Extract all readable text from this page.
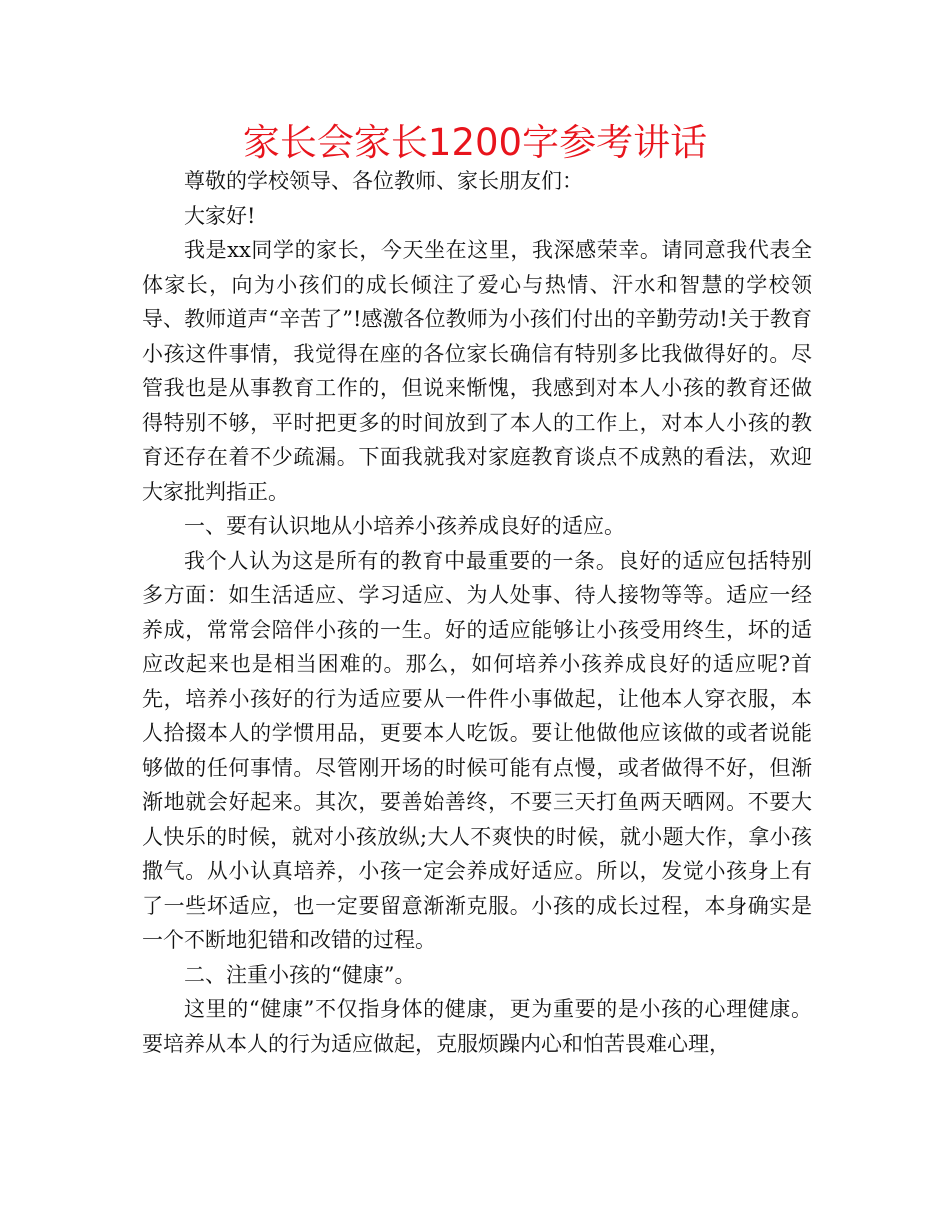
家长会家长1200字参考讲话

尊敬的学校领导、各位教师、家长朋友们：

大家好!

我是xx同学的家长，今天坐在这里，我深感荣幸。请同意我代表全体家长，向为小孩们的成长倾注了爱心与热情、汗水和智慧的学校领导、教师道声“辛苦了”!感激各位教师为小孩们付出的辛勤劳动!关于教育小孩这件事情，我觉得在座的各位家长确信有特别多比我做得好的。尽管我也是从事教育工作的，但说来惭愧，我感到对本人小孩的教育还做得特别不够，平时把更多的时间放到了本人的工作上，对本人小孩的教育还存在着不少疏漏。下面我就我对家庭教育谈点不成熟的看法，欢迎大家批判指正。

一、要有认识地从小培养小孩养成良好的适应。

我个人认为这是所有的教育中最重要的一条。良好的适应包括特别多方面：如生活适应、学习适应、为人处事、待人接物等等。适应一经养成，常常会陪伴小孩的一生。好的适应能够让小孩受用终生，坏的适应改起来也是相当困难的。那么，如何培养小孩养成良好的适应呢?首先，培养小孩好的行为适应要从一件件小事做起，让他本人穿衣服，本人拾掇本人的学惯用品，更要本人吃饭。要让他做他应该做的或者说能够做的任何事情。尽管刚开场的时候可能有点慢，或者做得不好，但渐渐地就会好起来。其次，要善始善终，不要三天打鱼两天晒网。不要大人快乐的时候，就对小孩放纵;大人不爽快的时候，就小题大作，拿小孩撒气。从小认真培养，小孩一定会养成好适应。所以，发觉小孩身上有了一些坏适应，也一定要留意渐渐克服。小孩的成长过程，本身确实是一个不断地犯错和改错的过程。

二、注重小孩的“健康”。

这里的“健康”不仅指身体的健康，更为重要的是小孩的心理健康。要培养从本人的行为适应做起，克服烦躁内心和怕苦畏难心理，
